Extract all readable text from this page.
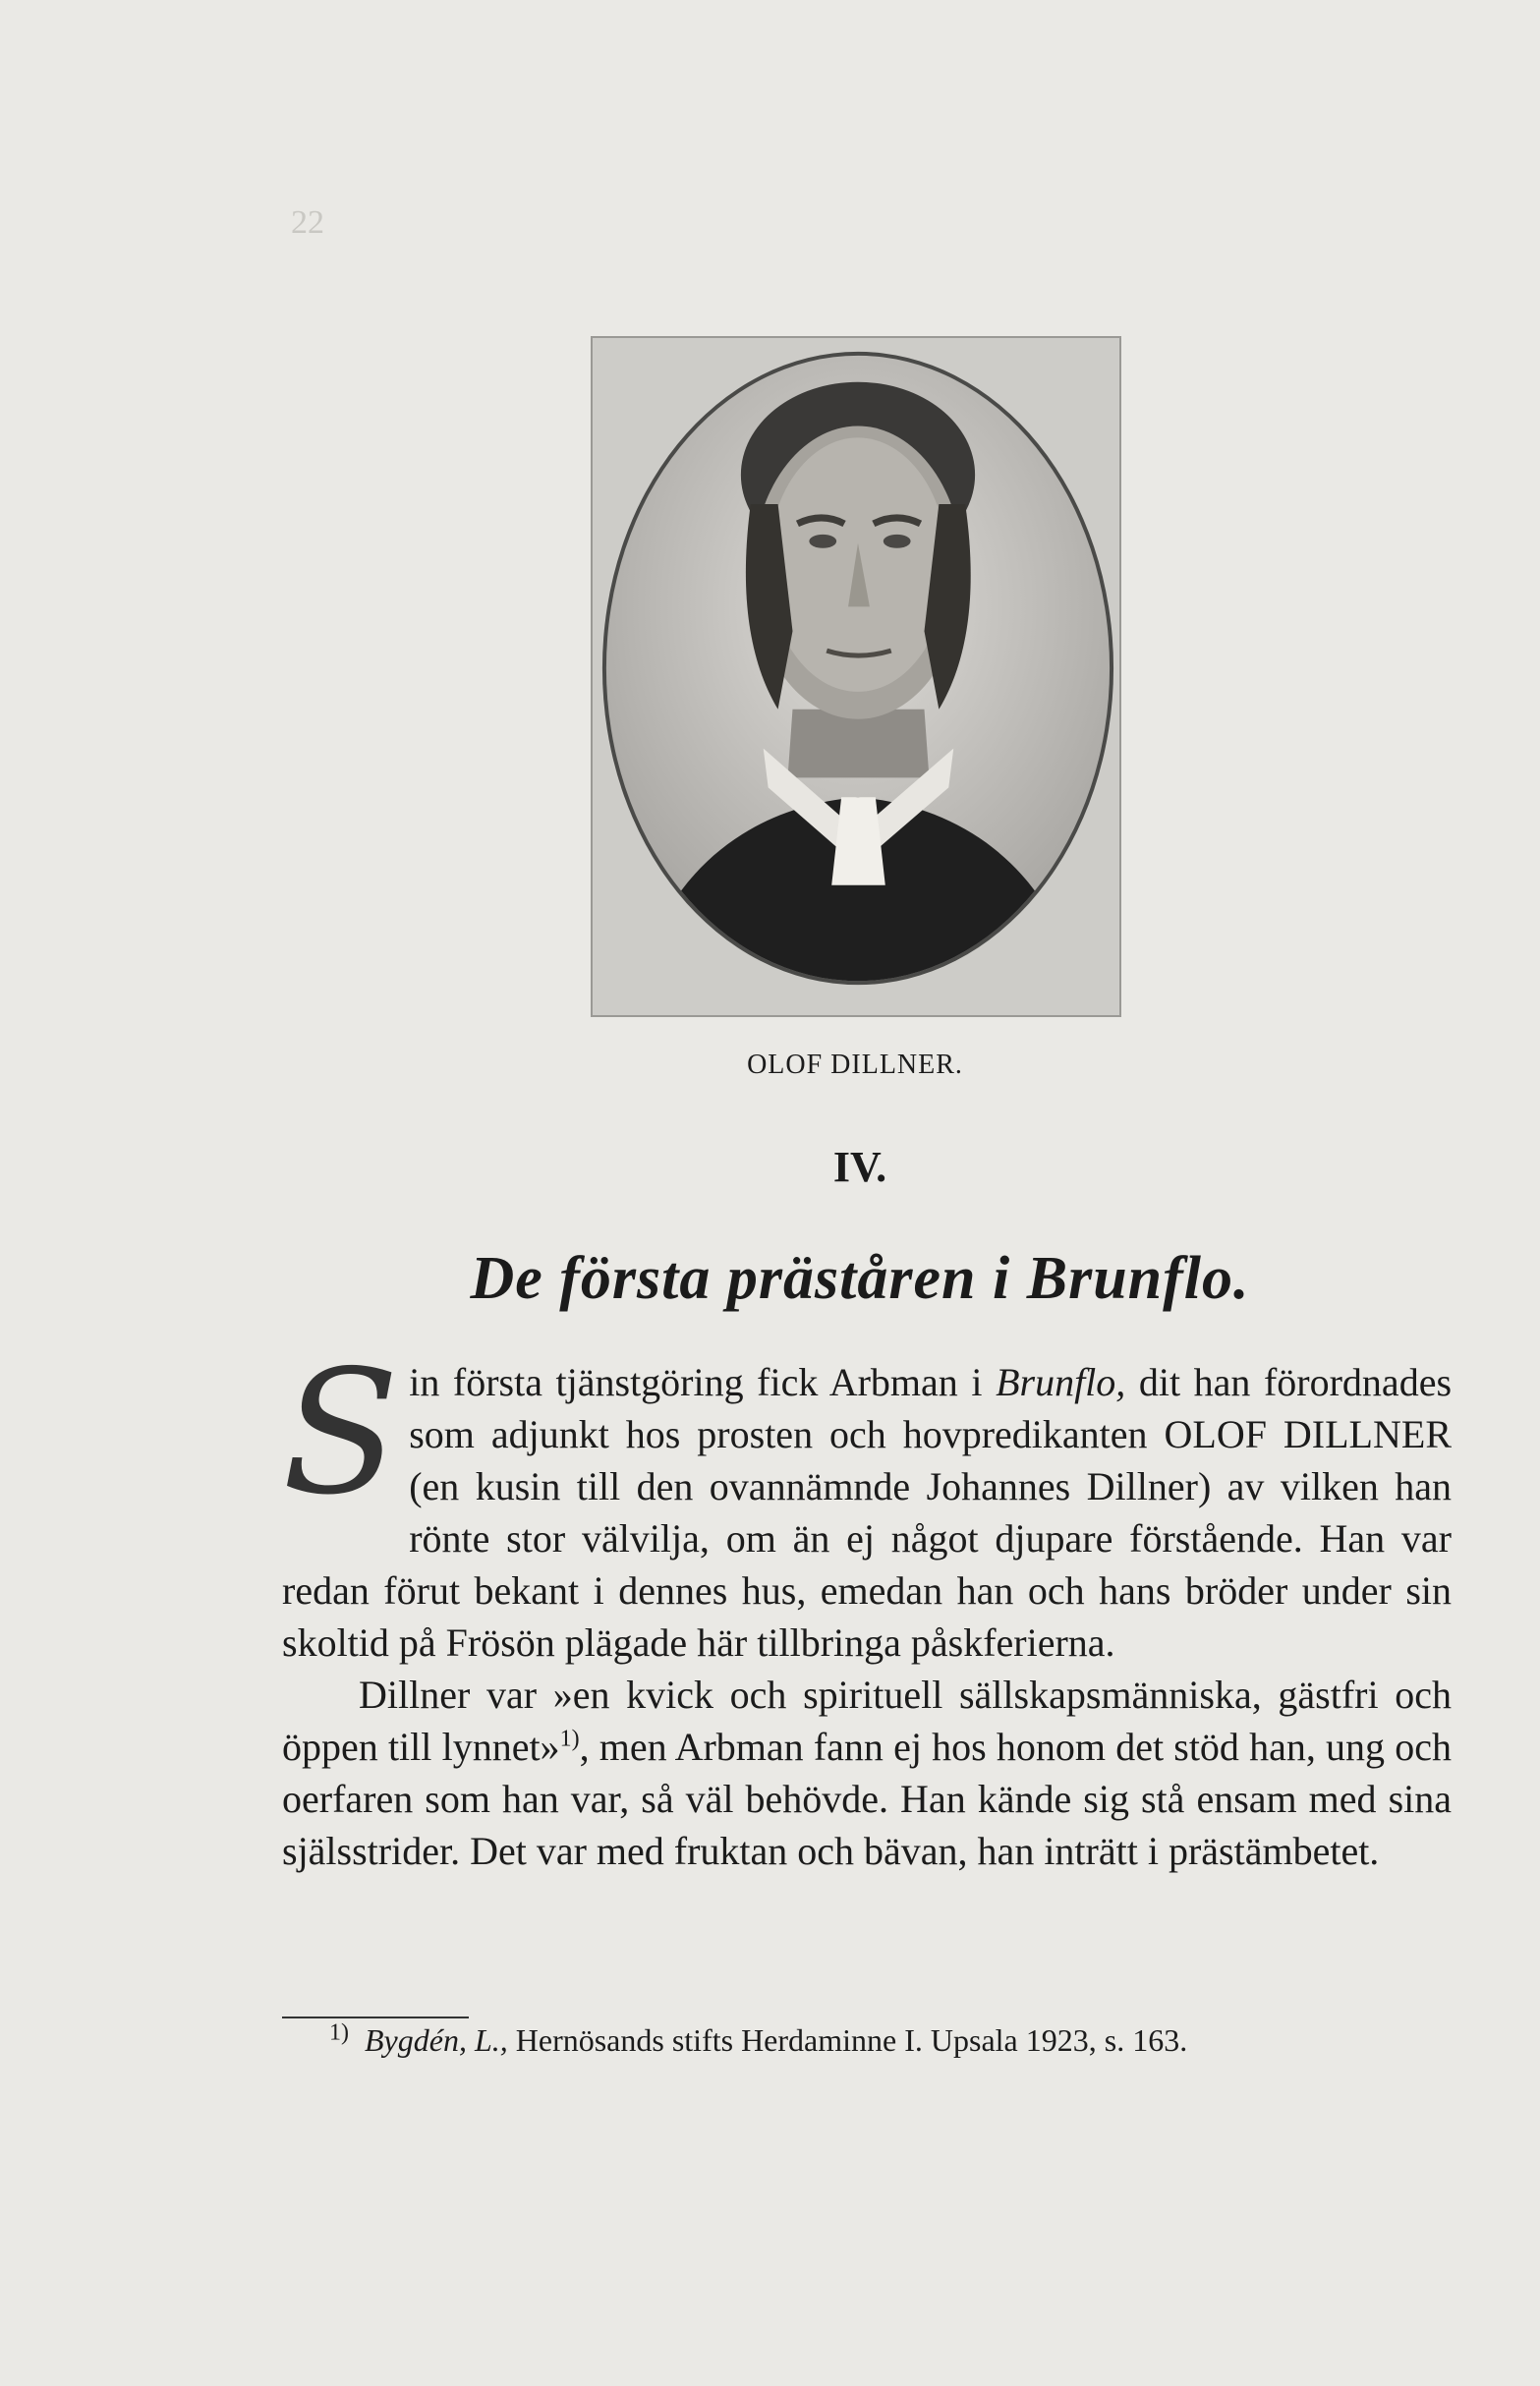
22

OLOF DILLNER.

IV.
De första präståren i Brunflo.

Sin första tjänstgöring fick Arbman i Brunflo, dit han förordnades som adjunkt hos prosten och hovpredikanten OLOF DILLNER (en kusin till den ovannämnde Johannes Dillner) av vilken han rönte stor välvilja, om än ej något djupare förstående. Han var redan förut bekant i dennes hus, emedan han och hans bröder under sin skoltid på Frösön plägade här tillbringa påskferierna.

Dillner var »en kvick och spirituell sällskapsmänniska, gästfri och öppen till lynnet»$^{1)}$, men Arbman fann ej hos honom det stöd han, ung och oerfaren som han var, så väl behövde. Han kände sig stå ensam med sina själsstrider. Det var med fruktan och bävan, han inträtt i prästämbetet.

$^{1)}$ Bygdén, L., Hernösands stifts Herdaminne I. Upsala 1923, s. 163.
